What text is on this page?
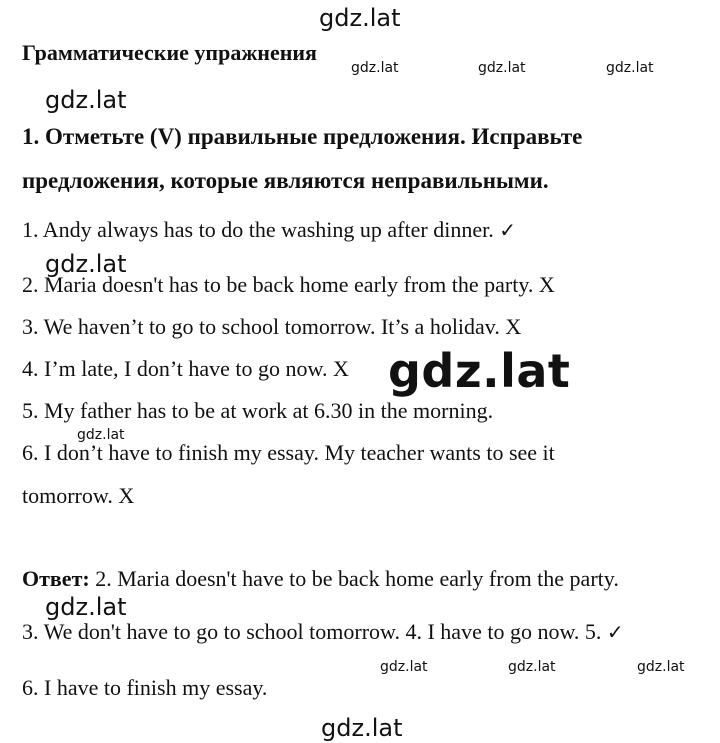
gdz.lat
gdz.lat	gdz.lat	gdz.lat
gdz.lat
gdz.lat
gdz.lat
gdz.lat
gdz.lat	gdz.lat	gdz.lat
gdz.lat
Грамматические упражнения
1. Отметьте (V) правильные предложения. Исправьте
предложения, которые являются неправильными.
1. Andy always has to do the washing up after dinner. ✓
2. Maria doesn't has to be back home early from the party. X
3. We haven’t to go to school tomorrow. It’s a holidav. X
4. I’m late, I don’t have to go now. X
5. My father has to be at work at 6.30 in the morning.
6. I don’t have to finish my essay. My teacher wants to see it
tomorrow. X
gdz.lat
Ответ: 2. Maria doesn't have to be back home early from the party.
3. We don't have to go to school tomorrow. 4. I have to go now. 5. ✓
6. I have to finish my essay.
